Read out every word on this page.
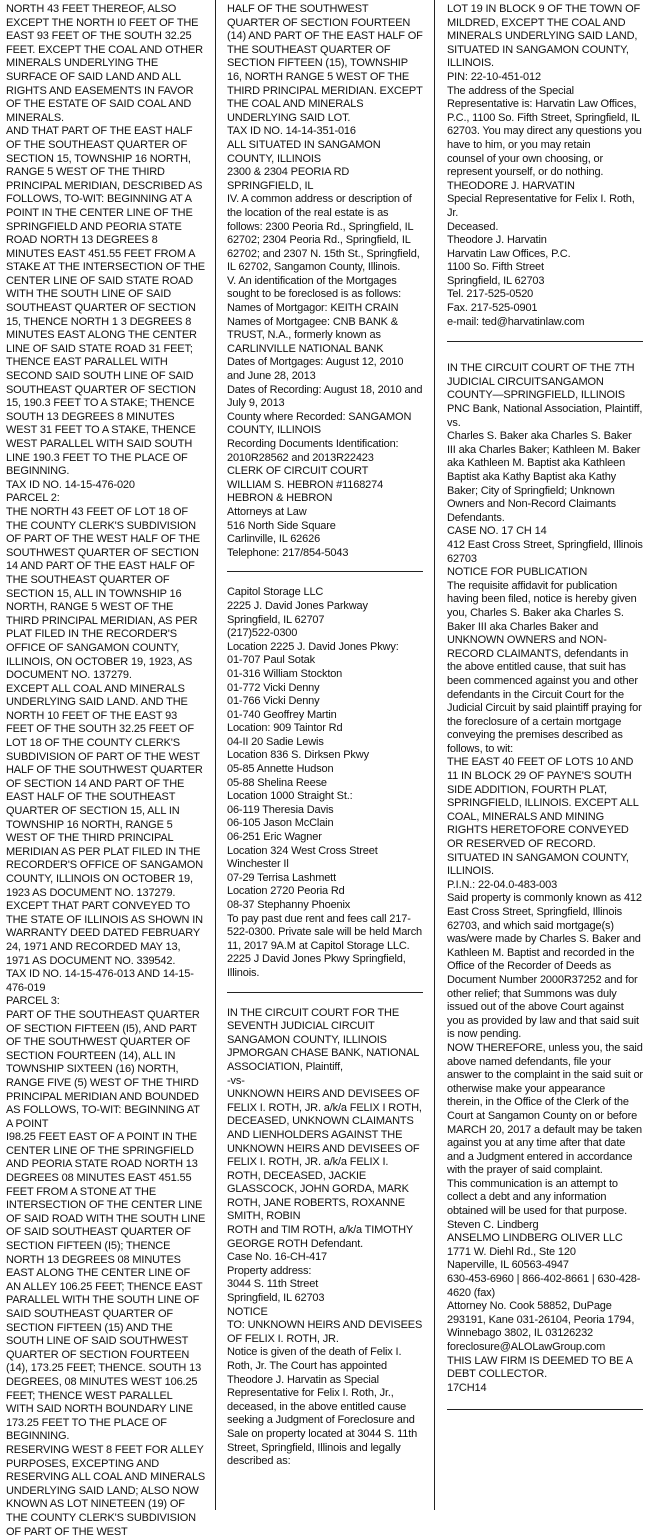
NORTH 43 FEET THEREOF, ALSO EXCEPT THE NORTH I0 FEET OF THE EAST 93 FEET OF THE SOUTH 32.25 FEET. EXCEPT THE COAL AND OTHER MINERALS UNDERLYING THE SURFACE OF SAID LAND AND ALL RIGHTS AND EASEMENTS IN FAVOR OF THE ESTATE OF SAID COAL AND MINERALS.

AND THAT PART OF THE EAST HALF OF THE SOUTHEAST QUARTER OF SECTION 15, TOWNSHIP 16 NORTH, RANGE 5 WEST OF THE THIRD PRINCIPAL MERIDIAN, DESCRIBED AS FOLLOWS, TO-WIT: BEGINNING AT A POINT IN THE CENTER LINE OF THE SPRINGFIELD AND PEORIA STATE ROAD NORTH 13 DEGREES 8 MINUTES EAST 451.55 FEET FROM A STAKE AT THE INTERSECTION OF THE CENTER LINE OF SAID STATE ROAD WITH THE SOUTH LINE OF SAID SOUTHEAST QUARTER OF SECTION 15, THENCE NORTH 1 3 DEGREES 8 MINUTES EAST ALONG THE CENTER LINE OF SAID STATE ROAD 31 FEET; THENCE EAST PARALLEL WITH SECOND SAID SOUTH LINE OF SAID SOUTHEAST QUARTER OF SECTION 15, 190.3 FEET TO A STAKE; THENCE SOUTH 13 DEGREES 8 MINUTES WEST 31 FEET TO A STAKE, THENCE WEST PARALLEL WITH SAID SOUTH LINE 190.3 FEET TO THE PLACE OF BEGINNING.

TAX ID NO. 14-15-476-020

PARCEL 2:

THE NORTH 43 FEET OF LOT 18 OF THE COUNTY CLERK'S SUBDIVISION OF PART OF THE WEST HALF OF THE SOUTHWEST QUARTER OF SECTION 14 AND PART OF THE EAST HALF OF THE SOUTHEAST QUARTER OF SECTION 15, ALL IN TOWNSHIP 16 NORTH, RANGE 5 WEST OF THE THIRD PRINCIPAL MERIDIAN, AS PER PLAT FILED IN THE RECORDER'S OFFICE OF SANGAMON COUNTY, ILLINOIS, ON OCTOBER 19, 1923, AS DOCUMENT NO. 137279.

EXCEPT ALL COAL AND MINERALS UNDERLYING SAID LAND. AND THE NORTH 10 FEET OF THE EAST 93 FEET OF THE SOUTH 32.25 FEET OF LOT 18 OF THE COUNTY CLERK'S SUBDIVISION OF PART OF THE WEST HALF OF THE SOUTHWEST QUARTER OF SECTION 14 AND PART OF THE EAST HALF OF THE SOUTHEAST QUARTER OF SECTION 15, ALL IN TOWNSHIP 16 NORTH, RANGE 5 WEST OF THE THIRD PRINCIPAL MERIDIAN AS PER PLAT FILED IN THE RECORDER'S OFFICE OF SANGAMON COUNTY, ILLINOIS ON OCTOBER 19, 1923 AS DOCUMENT NO. 137279.

EXCEPT THAT PART CONVEYED TO THE STATE OF ILLINOIS AS SHOWN IN WARRANTY DEED DATED FEBRUARY 24, 1971 AND RECORDED MAY 13, 1971 AS DOCUMENT NO. 339542.

TAX ID NO. 14-15-476-013 AND 14-15-476-019

PARCEL 3:

PART OF THE SOUTHEAST QUARTER OF SECTION FIFTEEN (I5), AND PART OF THE SOUTHWEST QUARTER OF SECTION FOURTEEN (14), ALL IN TOWNSHIP SIXTEEN (16) NORTH, RANGE FIVE (5) WEST OF THE THIRD PRINCIPAL MERIDIAN AND BOUNDED AS FOLLOWS, TO-WIT: BEGINNING AT A POINT

I98.25 FEET EAST OF A POINT IN THE CENTER LINE OF THE SPRINGFIELD AND PEORIA STATE ROAD NORTH 13 DEGREES 08 MINUTES EAST 451.55 FEET FROM A STONE AT THE INTERSECTION OF THE CENTER LINE OF SAID ROAD WITH THE SOUTH LINE OF SAID SOUTHEAST QUARTER OF SECTION FIFTEEN (I5); THENCE NORTH 13 DEGREES 08 MINUTES EAST ALONG THE CENTER LINE OF AN ALLEY 106.25 FEET; THENCE EAST PARALLEL WITH THE SOUTH LINE OF SAID SOUTHEAST QUARTER OF SECTION FIFTEEN (15) AND THE SOUTH LINE OF SAID SOUTHWEST QUARTER OF SECTION FOURTEEN (14), 173.25 FEET; THENCE. SOUTH 13 DEGREES, 08 MINUTES WEST 106.25 FEET; THENCE WEST PARALLEL

WITH SAID NORTH BOUNDARY LINE 173.25 FEET TO THE PLACE OF BEGINNING.

RESERVING WEST 8 FEET FOR ALLEY PURPOSES, EXCEPTING AND RESERVING ALL COAL AND MINERALS UNDERLYING SAID LAND; ALSO NOW KNOWN AS LOT NINETEEN (19) OF THE COUNTY CLERK'S SUBDIVISION OF PART OF THE WEST

HALF OF THE SOUTHWEST QUARTER OF SECTION FOURTEEN (14) AND PART OF THE EAST HALF OF THE SOUTHEAST QUARTER OF SECTION FIFTEEN (15), TOWNSHIP 16, NORTH RANGE 5 WEST OF THE THIRD PRINCIPAL MERIDIAN. EXCEPT THE COAL AND MINERALS UNDERLYING SAID LOT.

TAX ID NO. 14-14-351-016

ALL SITUATED IN SANGAMON COUNTY, ILLINOIS

2300 & 2304 PEORIA RD SPRINGFIELD, IL

IV. A common address or description of the location of the real estate is as follows: 2300 Peoria Rd., Springfield, IL 62702; 2304 Peoria Rd., Springfield, IL 62702; and 2307 N. 15th St., Springfield, IL 62702, Sangamon County, Illinois.

V. An identification of the Mortgages sought to be foreclosed is as follows:

Names of Mortgagor: KEITH CRAIN

Names of Mortgagee: CNB BANK & TRUST, N.A., formerly known as CARLINVILLE NATIONAL BANK

Dates of Mortgages: August 12, 2010 and June 28, 2013

Dates of Recording: August 18, 2010 and July 9, 2013

County where Recorded: SANGAMON COUNTY, ILLINOIS

Recording Documents Identification: 2010R28562 and 2013R22423

CLERK OF CIRCUIT COURT

WILLIAM S. HEBRON #1168274

HEBRON & HEBRON

Attorneys at Law

516 North Side Square

Carlinville, IL 62626

Telephone: 217/854-5043

Capitol Storage LLC

2225 J. David Jones Parkway

Springfield, IL 62707

(217)522-0300

Location 2225 J. David Jones Pkwy:

01-707 Paul Sotak

01-316 William Stockton

01-772 Vicki Denny

01-766 Vicki Denny

01-740 Geoffrey Martin

Location: 909 Taintor Rd

04-II 20 Sadie Lewis

Location 836 S. Dirksen Pkwy

05-85 Annette Hudson

05-88 Shelina Reese

Location 1000 Straight St.:

06-119 Theresia Davis

06-105 Jason McClain

06-251 Eric Wagner

Location 324 West Cross Street Winchester Il

07-29 Terrisa Lashmett

Location 2720 Peoria Rd

08-37 Stephanny Phoenix

To pay past due rent and fees call 217-522-0300. Private sale will be held March 11, 2017 9A.M at Capitol Storage LLC. 2225 J David Jones Pkwy Springfield, Illinois.

IN THE CIRCUIT COURT FOR THE SEVENTH JUDICIAL CIRCUIT

SANGAMON COUNTY, ILLINOIS

JPMORGAN CHASE BANK, NATIONAL ASSOCIATION, Plaintiff,

-vs-

UNKNOWN HEIRS AND DEVISEES OF FELIX I. ROTH, JR. a/k/a FELIX I ROTH, DECEASED, UNKNOWN CLAIMANTS AND LIENHOLDERS AGAINST THE UNKNOWN HEIRS AND DEVISEES OF FELIX I. ROTH, JR. a/k/a FELIX I. ROTH, DECEASED, JACKIE GLASSCOCK, JOHN GORDA, MARK ROTH, JANE ROBERTS, ROXANNE SMITH, ROBIN

ROTH and TIM ROTH, a/k/a TIMOTHY GEORGE ROTH Defendant.

Case No. 16-CH-417

Property address:

3044 S. 11th Street

Springfield, IL 62703

NOTICE

TO: UNKNOWN HEIRS AND DEVISEES OF FELIX I. ROTH, JR.

Notice is given of the death of Felix I. Roth, Jr. The Court has appointed Theodore J. Harvatin as Special Representative for Felix I. Roth, Jr., deceased, in the above entitled cause seeking a Judgment of Foreclosure and Sale on property located at 3044 S. 11th Street, Springfield, Illinois and legally described as:

LOT 19 IN BLOCK 9 OF THE TOWN OF MILDRED, EXCEPT THE COAL AND MINERALS UNDERLYING SAID LAND, SITUATED IN SANGAMON COUNTY, ILLINOIS.

PIN: 22-10-451-012

The address of the Special Representative is: Harvatin Law Offices, P.C., 1100 So. Fifth Street, Springfield, IL 62703. You may direct any questions you have to him, or you may retain

counsel of your own choosing, or represent yourself, or do nothing.

THEODORE J. HARVATIN

Special Representative for Felix I. Roth, Jr.

Deceased.

Theodore J. Harvatin

Harvatin Law Offices, P.C.

1100 So. Fifth Street

Springfield, IL 62703

Tel. 217-525-0520

Fax. 217-525-0901

e-mail: ted@harvatinlaw.com

IN THE CIRCUIT COURT OF THE 7TH JUDICIAL CIRCUITSANGAMON COUNTY—SPRINGFIELD, ILLINOIS

PNC Bank, National Association, Plaintiff,

vs.

Charles S. Baker aka Charles S. Baker III aka Charles Baker; Kathleen M. Baker aka Kathleen M. Baptist aka Kathleen Baptist aka Kathy Baptist aka Kathy Baker; City of Springfield; Unknown Owners and Non-Record Claimants Defendants.

CASE NO. 17 CH 14

412 East Cross Street, Springfield, Illinois 62703

NOTICE FOR PUBLICATION

The requisite affidavit for publication having been filed, notice is hereby given you, Charles S. Baker aka Charles S. Baker III aka Charles Baker and UNKNOWN OWNERS and NON-RECORD CLAIMANTS, defendants in the above entitled cause, that suit has been commenced against you and other defendants in the Circuit Court for the Judicial Circuit by said plaintiff praying for the foreclosure of a certain mortgage conveying the premises described as follows, to wit:

THE EAST 40 FEET OF LOTS 10 AND 11 IN BLOCK 29 OF PAYNE'S SOUTH SIDE ADDITION, FOURTH PLAT, SPRINGFIELD, ILLINOIS. EXCEPT ALL COAL, MINERALS AND MINING RIGHTS HERETOFORE CONVEYED OR RESERVED OF RECORD. SITUATED IN SANGAMON COUNTY, ILLINOIS.

P.I.N.: 22-04.0-483-003

Said property is commonly known as 412 East Cross Street, Springfield, Illinois 62703, and which said mortgage(s) was/were made by Charles S. Baker and Kathleen M. Baptist and recorded in the Office of the Recorder of Deeds as Document Number 2000R37252 and for other relief; that Summons was duly issued out of the above Court against you as provided by law and that said suit is now pending.

NOW THEREFORE, unless you, the said above named defendants, file your answer to the complaint in the said suit or otherwise make your appearance therein, in the Office of the Clerk of the Court at Sangamon County on or before MARCH 20, 2017 a default may be taken against you at any time after that date and a Judgment entered in accordance with the prayer of said complaint.

This communication is an attempt to collect a debt and any information obtained will be used for that purpose.

Steven C. Lindberg

ANSELMO LINDBERG OLIVER LLC

1771 W. Diehl Rd., Ste 120

Naperville, IL 60563-4947

630-453-6960 | 866-402-8661 | 630-428-4620 (fax)

Attorney No. Cook 58852, DuPage 293191, Kane 031-26104, Peoria 1794, Winnebago 3802, IL 03126232

foreclosure@ALOLawGroup.com

THIS LAW FIRM IS DEEMED TO BE A DEBT COLLECTOR.

17CH14
